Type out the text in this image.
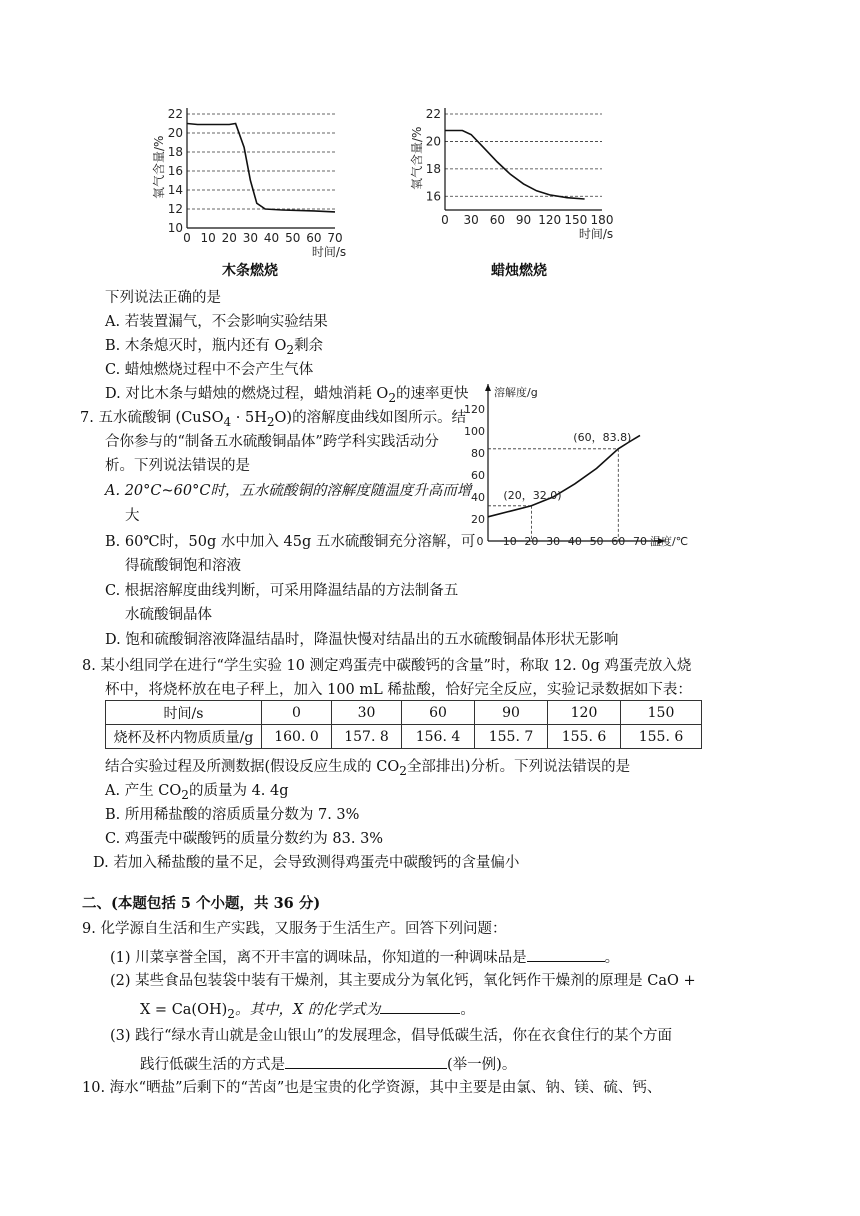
22
20
18
16
14
12
10
0 10 20 30 40 50 60 70
氧气含量/%
时间/s
木条燃烧
22
20
18
16
0 30 60 90 120 150 180
氧气含量/%
时间/s
蜡烛燃烧
下列说法正确的是
A. 若装置漏气，不会影响实验结果
B. 木条熄灭时，瓶内还有 $O_2$剩余
C. 蜡烛燃烧过程中不会产生气体
D. 对比木条与蜡烛的燃烧过程，蜡烛消耗 $O_2$的速率更快
7. 五水硫酸铜 (CuSO$_4$ · $5H_2O$)的溶解度曲线如图所示。结
合你参与的“制备五水硫酸铜晶体”跨学科实践活动分
析。下列说法错误的是
A. 20°C~60°C时，五水硫酸铜的溶解度随温度升高而增
大
B. 60℃时，50g 水中加入 45g 五水硫酸铜充分溶解，可
得硫酸铜饱和溶液
C. 根据溶解度曲线判断，可采用降温结晶的方法制备五
水硫酸铜晶体
D. 饱和硫酸铜溶液降温结晶时，降温快慢对结晶出的五水硫酸铜晶体形状无影响
120
100
80
60
40
20
0 10 20 30 40 50 60 70
溶解度/g
温度/℃
(20，32.0)
(60，83.8)
8. 某小组同学在进行“学生实验 10 测定鸡蛋壳中碳酸钙的含量”时，称取 12. 0g 鸡蛋壳放入烧
杯中，将烧杯放在电子秤上，加入 100 mL 稀盐酸，恰好完全反应，实验记录数据如下表：
时间/s	0	30	60	90	120	150
烧杯及杯内物质质量/g	160. 0	157. 8	156. 4	155. 7	155. 6	155. 6
结合实验过程及所测数据(假设反应生成的 $CO_2$全部排出)分析。下列说法错误的是
A. 产生 $CO_2$的质量为 4. 4g
B. 所用稀盐酸的溶质质量分数为 7. 3%
C. 鸡蛋壳中碳酸钙的质量分数约为 83. 3%
D. 若加入稀盐酸的量不足，会导致测得鸡蛋壳中碳酸钙的含量偏小
二、(本题包括 5 个小题，共 36 分)
9. 化学源自生活和生产实践，又服务于生活生产。回答下列问题：
(1) 川菜享誉全国，离不开丰富的调味品，你知道的一种调味品是	。
(2) 某些食品包装袋中装有干燥剂，其主要成分为氧化钙，氧化钙作干燥剂的原理是 CaO +
$X = Ca(OH)_2$。其中，X 的化学式为	。
(3) 践行“绿水青山就是金山银山”的发展理念，倡导低碳生活，你在衣食住行的某个方面
践行低碳生活的方式是	(举一例)。
10. 海水“晒盐”后剩下的“苦卤”也是宝贵的化学资源，其中主要是由氯、钠、镁、硫、钙、
